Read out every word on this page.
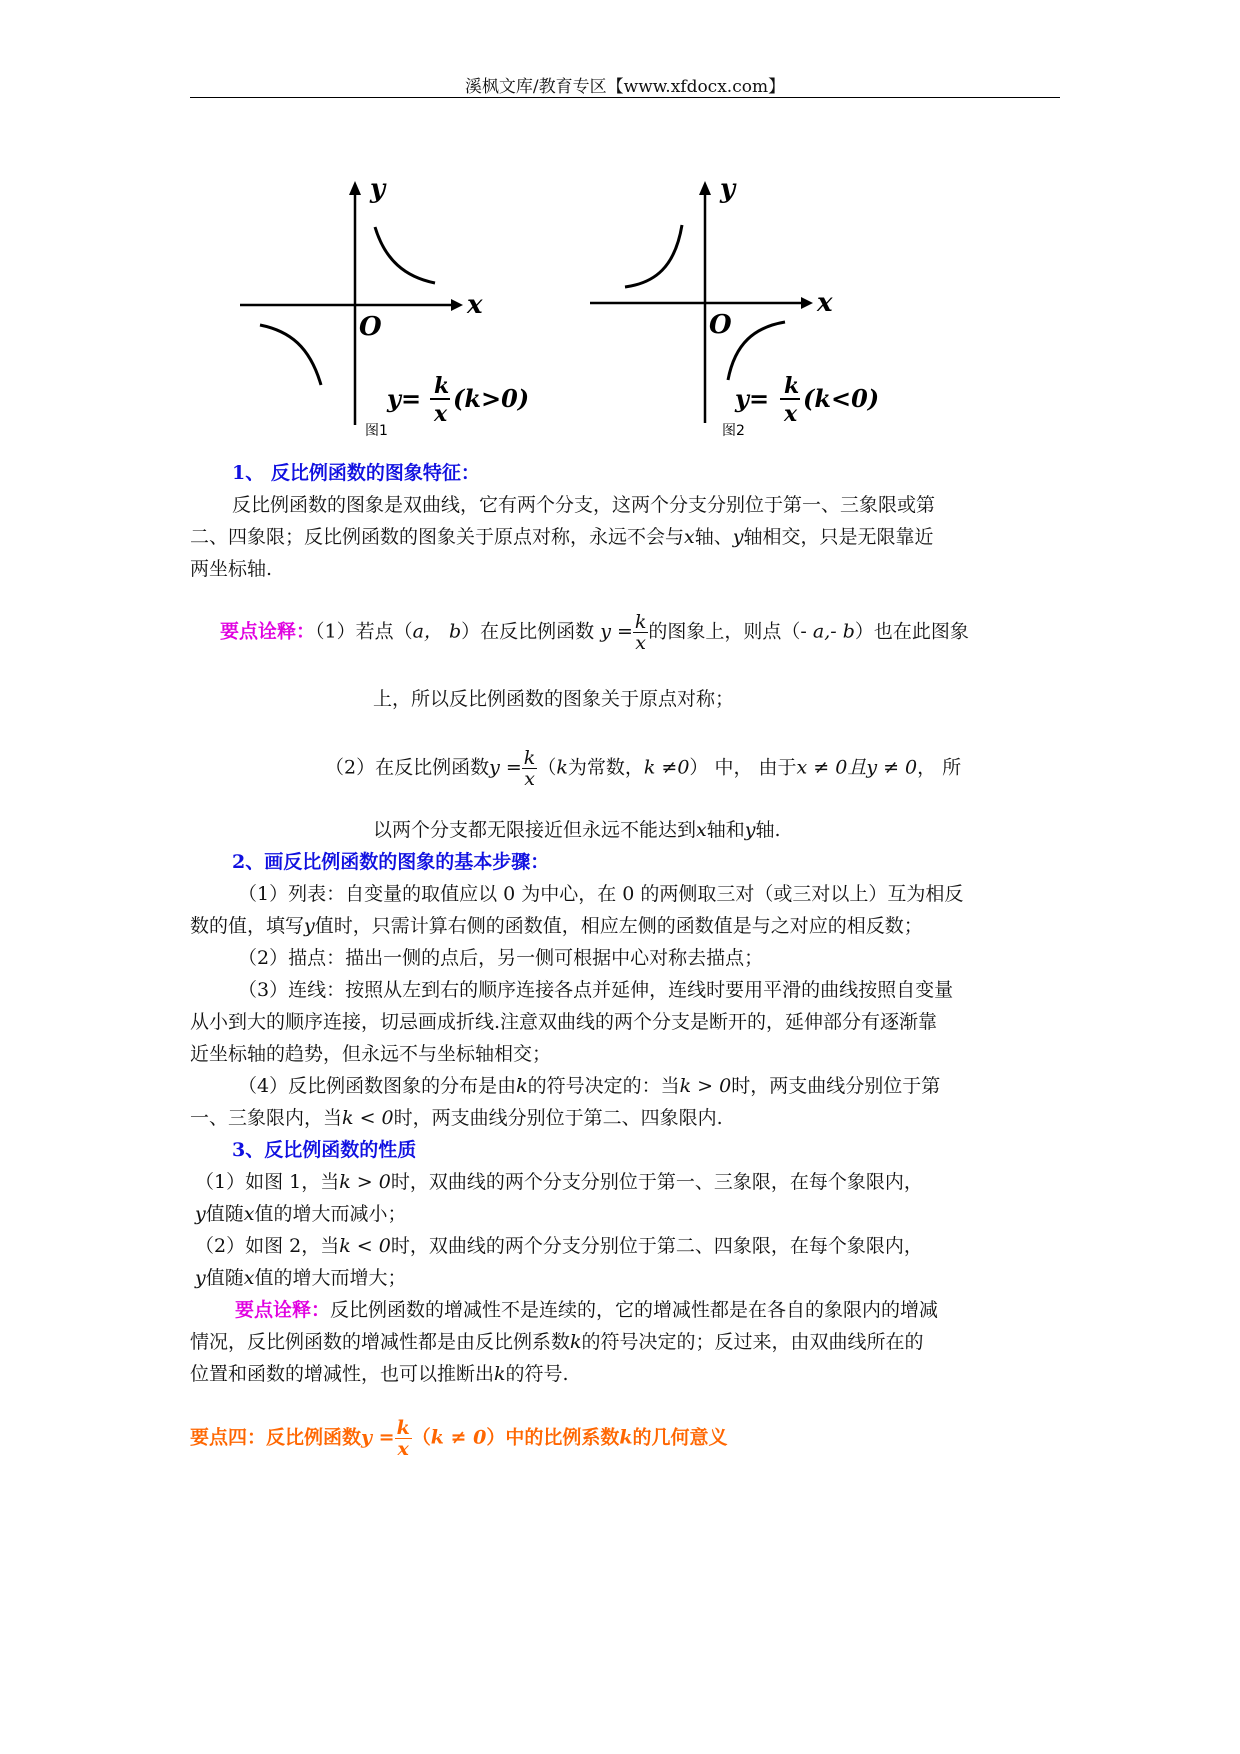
溪枫文库/教育专区【www.xfdocx.com】
y
x
O
y= k
x
(k>0)
图1
y
x
O
y= k
x
(k<0)
图2
1、 反比例函数的图象特征：
反比例函数的图象是双曲线，它有两个分支，这两个分支分别位于第一、三象限或第
二、四象限；反比例函数的图象关于原点对称，永远不会与x轴、y轴相交，只是无限靠近
两坐标轴.
要点诠释：（1）若点（a， b）在反比例函数 $y = \frac{k}{x}$ 的图象上，则点（- a,- b）也在此图象
上，所以反比例函数的图象关于原点对称；
（2）在反比例函数$y = \frac{k}{x} (k$为常数，k ≠0） 中， 由于x ≠ 0且y ≠ 0， 所
以两个分支都无限接近但永远不能达到x轴和y轴.
2、画反比例函数的图象的基本步骤：
（1）列表：自变量的取值应以 0 为中心，在 0 的两侧取三对（或三对以上）互为相反
数的值，填写y值时，只需计算右侧的函数值，相应左侧的函数值是与之对应的相反数；
（2）描点：描出一侧的点后，另一侧可根据中心对称去描点；
（3）连线：按照从左到右的顺序连接各点并延伸，连线时要用平滑的曲线按照自变量
从小到大的顺序连接，切忌画成折线.注意双曲线的两个分支是断开的，延伸部分有逐渐靠
近坐标轴的趋势，但永远不与坐标轴相交；
（4）反比例函数图象的分布是由k的符号决定的：当k > 0时，两支曲线分别位于第
一、三象限内，当k < 0时，两支曲线分别位于第二、四象限内.
3、反比例函数的性质
（1）如图 1，当k > 0时，双曲线的两个分支分别位于第一、三象限，在每个象限内，
y值随x值的增大而减小；
（2）如图 2，当k < 0时，双曲线的两个分支分别位于第二、四象限，在每个象限内，
y值随x值的增大而增大；
要点诠释：反比例函数的增减性不是连续的，它的增减性都是在各自的象限内的增减
情况，反比例函数的增减性都是由反比例系数k的符号决定的；反过来，由双曲线所在的
位置和函数的增减性，也可以推断出k的符号.
要点四：反比例函数$y = \frac{k}{x} (k \ne 0)$中的比例系数k的几何意义
